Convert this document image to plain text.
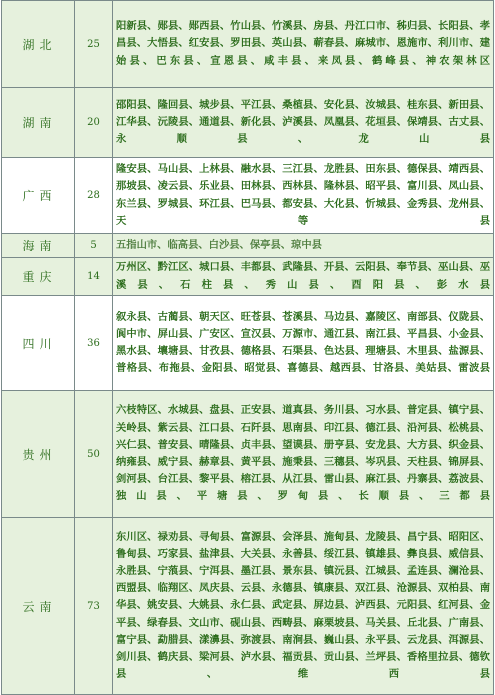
湖北	25	阳新县、郧县、郧西县、竹山县、竹溪县、房县、丹江口市、秭归县、长阳县、孝昌县、大悟县、红安县、罗田县、英山县、蕲春县、麻城市、恩施市、利川市、建始县、巴东县、宣恩县、咸丰县、来凤县、鹤峰县、神农架林区
湖南	20	邵阳县、隆回县、城步县、平江县、桑植县、安化县、汝城县、桂东县、新田县、江华县、沅陵县、通道县、新化县、泸溪县、凤凰县、花垣县、保靖县、古丈县、永顺县、龙山县
广西	28	隆安县、马山县、上林县、融水县、三江县、龙胜县、田东县、德保县、靖西县、那坡县、凌云县、乐业县、田林县、西林县、隆林县、昭平县、富川县、凤山县、东兰县、罗城县、环江县、巴马县、都安县、大化县、忻城县、金秀县、龙州县、天等县
海南	5	五指山市、临高县、白沙县、保亭县、琼中县
重庆	14	万州区、黔江区、城口县、丰都县、武隆县、开县、云阳县、奉节县、巫山县、巫溪县、石柱县、秀山县、酉阳县、彭水县
四川	36	叙永县、古蔺县、朝天区、旺苍县、苍溪县、马边县、嘉陵区、南部县、仪陇县、阆中市、屏山县、广安区、宣汉县、万源市、通江县、南江县、平昌县、小金县、黑水县、壤塘县、甘孜县、德格县、石渠县、色达县、理塘县、木里县、盐源县、普格县、布拖县、金阳县、昭觉县、喜德县、越西县、甘洛县、美姑县、雷波县
贵州	50	六枝特区、水城县、盘县、正安县、道真县、务川县、习水县、普定县、镇宁县、关岭县、紫云县、江口县、石阡县、思南县、印江县、德江县、沿河县、松桃县、兴仁县、普安县、晴隆县、贞丰县、望谟县、册亨县、安龙县、大方县、织金县、纳雍县、威宁县、赫章县、黄平县、施秉县、三穗县、岑巩县、天柱县、锦屏县、剑河县、台江县、黎平县、榕江县、从江县、雷山县、麻江县、丹寨县、荔波县、独山县、平塘县、罗甸县、长顺县、三都县
云南	73	东川区、禄劝县、寻甸县、富源县、会泽县、施甸县、龙陵县、昌宁县、昭阳区、鲁甸县、巧家县、盐津县、大关县、永善县、绥江县、镇雄县、彝良县、威信县、永胜县、宁蒗县、宁洱县、墨江县、景东县、镇沅县、江城县、孟连县、澜沧县、西盟县、临翔区、凤庆县、云县、永德县、镇康县、双江县、沧源县、双柏县、南华县、姚安县、大姚县、永仁县、武定县、屏边县、泸西县、元阳县、红河县、金平县、绿春县、文山市、砚山县、西畴县、麻栗坡县、马关县、丘北县、广南县、富宁县、勐腊县、漾濞县、弥渡县、南涧县、巍山县、永平县、云龙县、洱源县、剑川县、鹤庆县、梁河县、泸水县、福贡县、贡山县、兰坪县、香格里拉县、德钦县、维西县
